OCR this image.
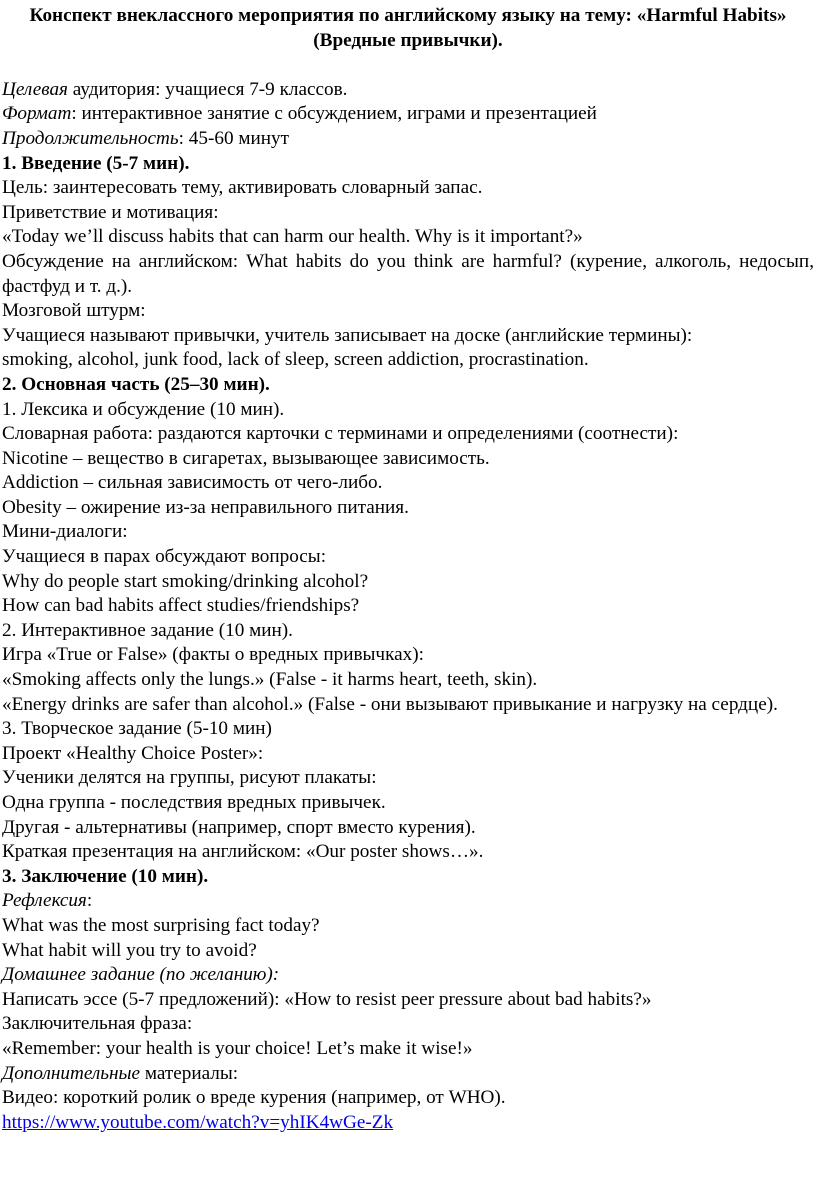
Конспект внеклассного мероприятия по английскому языку на тему: «Harmful Habits» (Вредные привычки).

Целевая аудитория: учащиеся 7-9 классов.

Формат: интерактивное занятие с обсуждением, играми и презентацией

Продолжительность: 45-60 минут

1. Введение (5-7 мин).

Цель: заинтересовать тему, активировать словарный запас.

Приветствие и мотивация:

«Today we’ll discuss habits that can harm our health. Why is it important?»

Обсуждение на английском: What habits do you think are harmful? (курение, алкоголь, недосып, фастфуд и т. д.).

Мозговой штурм:

Учащиеся называют привычки, учитель записывает на доске (английские термины):

smoking, alcohol, junk food, lack of sleep, screen addiction, procrastination.

2. Основная часть (25–30 мин).

1. Лексика и обсуждение (10 мин).

Словарная работа: раздаются карточки с терминами и определениями (соотнести):

Nicotine – вещество в сигаретах, вызывающее зависимость.

Addiction – сильная зависимость от чего-либо.

Obesity – ожирение из-за неправильного питания.

Мини-диалоги:

Учащиеся в парах обсуждают вопросы:

Why do people start smoking/drinking alcohol?

How can bad habits affect studies/friendships?

2. Интерактивное задание (10 мин).

Игра «True or False» (факты о вредных привычках):

«Smoking affects only the lungs.» (False - it harms heart, teeth, skin).

«Energy drinks are safer than alcohol.» (False - они вызывают привыкание и нагрузку на сердце).

3. Творческое задание (5-10 мин)

Проект «Healthy Choice Poster»:

Ученики делятся на группы, рисуют плакаты:

Одна группа - последствия вредных привычек.

Другая - альтернативы (например, спорт вместо курения).

Краткая презентация на английском: «Our poster shows…».

3. Заключение (10 мин).

Рефлексия:

What was the most surprising fact today?

What habit will you try to avoid?

Домашнее задание (по желанию):

Написать эссе (5-7 предложений): «How to resist peer pressure about bad habits?»

Заключительная фраза:

«Remember: your health is your choice! Let’s make it wise!»

Дополнительные материалы:

Видео: короткий ролик о вреде курения (например, от WHO).

https://www.youtube.com/watch?v=yhIK4wGe-Zk
